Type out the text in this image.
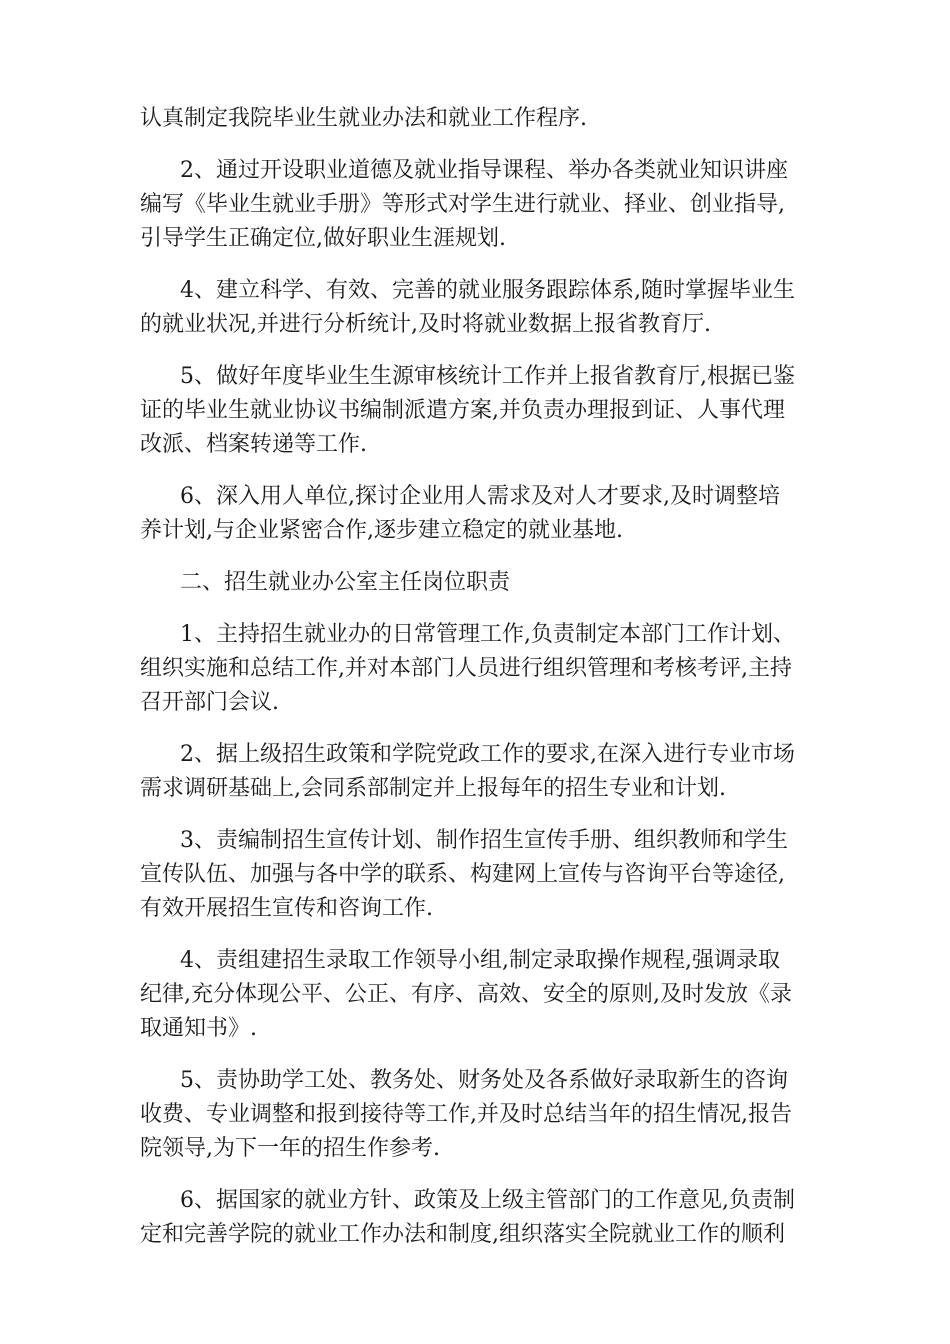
认真制定我院毕业生就业办法和就业工作程序.
2、通过开设职业道德及就业指导课程、举办各类就业知识讲座
编写《毕业生就业手册》等形式对学生进行就业、择业、创业指导,
引导学生正确定位,做好职业生涯规划.
4、建立科学、有效、完善的就业服务跟踪体系,随时掌握毕业生
的就业状况,并进行分析统计,及时将就业数据上报省教育厅.
5、做好年度毕业生生源审核统计工作并上报省教育厅,根据已鉴
证的毕业生就业协议书编制派遣方案,并负责办理报到证、人事代理
改派、档案转递等工作.
6、深入用人单位,探讨企业用人需求及对人才要求,及时调整培
养计划,与企业紧密合作,逐步建立稳定的就业基地.
二、招生就业办公室主任岗位职责
1、主持招生就业办的日常管理工作,负责制定本部门工作计划、
组织实施和总结工作,并对本部门人员进行组织管理和考核考评,主持
召开部门会议.
2、据上级招生政策和学院党政工作的要求,在深入进行专业市场
需求调研基础上,会同系部制定并上报每年的招生专业和计划.
3、责编制招生宣传计划、制作招生宣传手册、组织教师和学生
宣传队伍、加强与各中学的联系、构建网上宣传与咨询平台等途径,
有效开展招生宣传和咨询工作.
4、责组建招生录取工作领导小组,制定录取操作规程,强调录取
纪律,充分体现公平、公正、有序、高效、安全的原则,及时发放《录
取通知书》.
5、责协助学工处、教务处、财务处及各系做好录取新生的咨询
收费、专业调整和报到接待等工作,并及时总结当年的招生情况,报告
院领导,为下一年的招生作参考.
6、据国家的就业方针、政策及上级主管部门的工作意见,负责制
定和完善学院的就业工作办法和制度,组织落实全院就业工作的顺利
